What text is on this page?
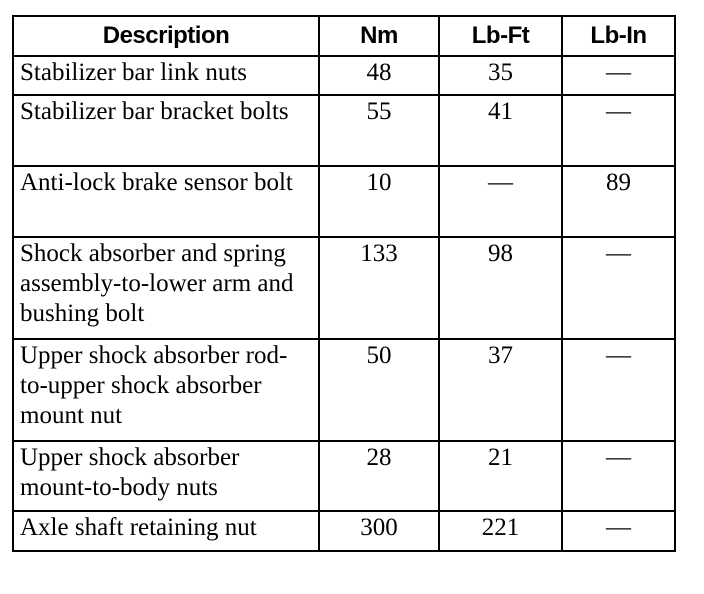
Description	Nm	Lb-Ft	Lb-In
Stabilizer bar link nuts	48	35	—
Stabilizer bar bracket bolts	55	41	—
Anti-lock brake sensor bolt	10	—	89
Shock absorber and spring assembly-to-lower arm and bushing bolt	133	98	—
Upper shock absorber rod-to-upper shock absorber mount nut	50	37	—
Upper shock absorber mount-to-body nuts	28	21	—
Axle shaft retaining nut	300	221	—
